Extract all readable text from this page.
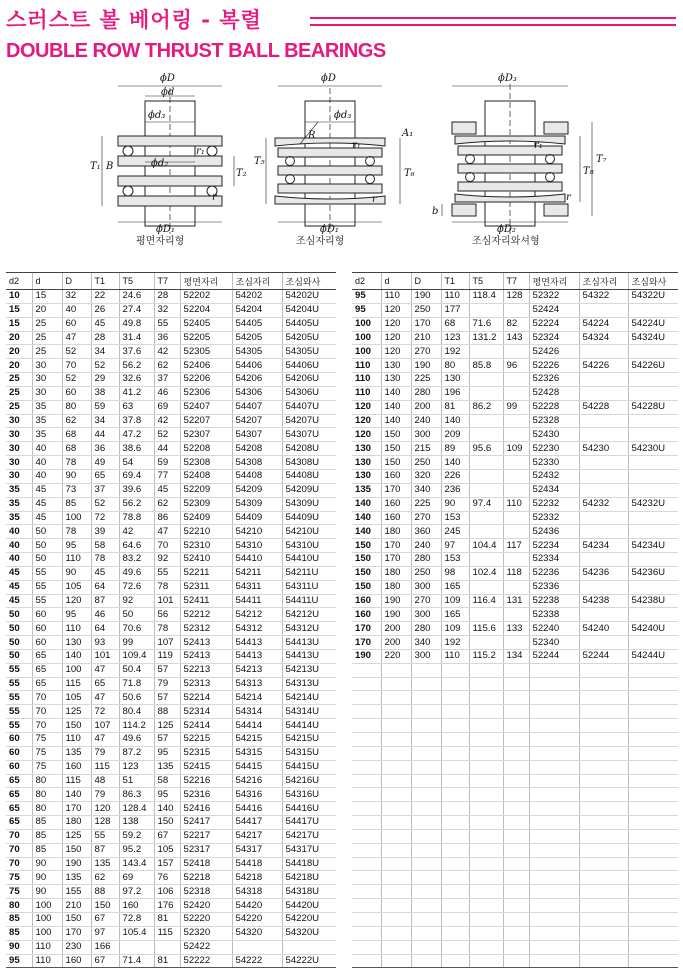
스러스트 볼 베어링 - 복렬
DOUBLE ROW THRUST BALL BEARINGS
ϕD
ϕd
ϕd₃
ϕd₂
ϕD₁
T₁ B
T₂
r₁
r
평면자리형
ϕD
ϕd₃
R
r₁
A₁
T₅
T₆
ϕD₁
r
조심자리형
ϕD₃
r₁
T₇
T₈
b
ϕD₂
r
조심자리와셔형
d2	d	D	T1	T5	T7	평면자리	조심자리	조심와사
10	15	32	22	24.6	28	52202	54202	54202U
15	20	40	26	27.4	32	52204	54204	54204U
15	25	60	45	49.8	55	52405	54405	54405U
20	25	47	28	31.4	36	52205	54205	54205U
20	25	52	34	37.6	42	52305	54305	54305U
20	30	70	52	56.2	62	52406	54406	54406U
25	30	52	29	32.6	37	52206	54206	54206U
25	30	60	38	41.2	46	52306	54306	54306U
25	35	80	59	63	69	52407	54407	54407U
30	35	62	34	37.8	42	52207	54207	54207U
30	35	68	44	47.2	52	52307	54307	54307U
30	40	68	36	38.6	44	52208	54208	54208U
30	40	78	49	54	59	52308	54308	54308U
30	40	90	65	69.4	77	52408	54408	54408U
35	45	73	37	39.6	45	52209	54209	54209U
35	45	85	52	56.2	62	52309	54309	54309U
35	45	100	72	78.8	86	52409	54409	54409U
40	50	78	39	42	47	52210	54210	54210U
40	50	95	58	64.6	70	52310	54310	54310U
40	50	110	78	83.2	92	52410	54410	54410U
45	55	90	45	49.6	55	52211	54211	54211U
45	55	105	64	72.6	78	52311	54311	54311U
45	55	120	87	92	101	52411	54411	54411U
50	60	95	46	50	56	52212	54212	54212U
50	60	110	64	70.6	78	52312	54312	54312U
50	60	130	93	99	107	52413	54413	54413U
50	65	140	101	109.4	119	52413	54413	54413U
55	65	100	47	50.4	57	52213	54213	54213U
55	65	115	65	71.8	79	52313	54313	54313U
55	70	105	47	50.6	57	52214	54214	54214U
55	70	125	72	80.4	88	52314	54314	54314U
55	70	150	107	114.2	125	52414	54414	54414U
60	75	110	47	49.6	57	52215	54215	54215U
60	75	135	79	87.2	95	52315	54315	54315U
60	75	160	115	123	135	52415	54415	54415U
65	80	115	48	51	58	52216	54216	54216U
65	80	140	79	86.3	95	52316	54316	54316U
65	80	170	120	128.4	140	52416	54416	54416U
65	85	180	128	138	150	52417	54417	54417U
70	85	125	55	59.2	67	52217	54217	54217U
70	85	150	87	95.2	105	52317	54317	54317U
70	90	190	135	143.4	157	52418	54418	54418U
75	90	135	62	69	76	52218	54218	54218U
75	90	155	88	97.2	106	52318	54318	54318U
80	100	210	150	160	176	52420	54420	54420U
85	100	150	67	72.8	81	52220	54220	54220U
85	100	170	97	105.4	115	52320	54320	54320U
90	110	230	166			52422		
95	110	160	67	71.4	81	52222	54222	54222U
d2	d	D	T1	T5	T7	평면자리	조심자리	조심와사
95	110	190	110	118.4	128	52322	54322	54322U
95	120	250	177			52424		
100	120	170	68	71.6	82	52224	54224	54224U
100	120	210	123	131.2	143	52324	54324	54324U
100	120	270	192			52426		
110	130	190	80	85.8	96	52226	54226	54226U
110	130	225	130			52326		
110	140	280	196			52428		
120	140	200	81	86.2	99	52228	54228	54228U
120	140	240	140			52328		
120	150	300	209			52430		
130	150	215	89	95.6	109	52230	54230	54230U
130	150	250	140			52330		
130	160	320	226			52432		
135	170	340	236			52434		
140	160	225	90	97.4	110	52232	54232	54232U
140	160	270	153			52332		
140	180	360	245			52436		
150	170	240	97	104.4	117	52234	54234	54234U
150	170	280	153			52334		
150	180	250	98	102.4	118	52236	54236	54236U
150	180	300	165			52336		
160	190	270	109	116.4	131	52238	54238	54238U
160	190	300	165			52338		
170	200	280	109	115.6	133	52240	54240	54240U
170	200	340	192			52340		
190	220	300	110	115.2	134	52244	52244	54244U
